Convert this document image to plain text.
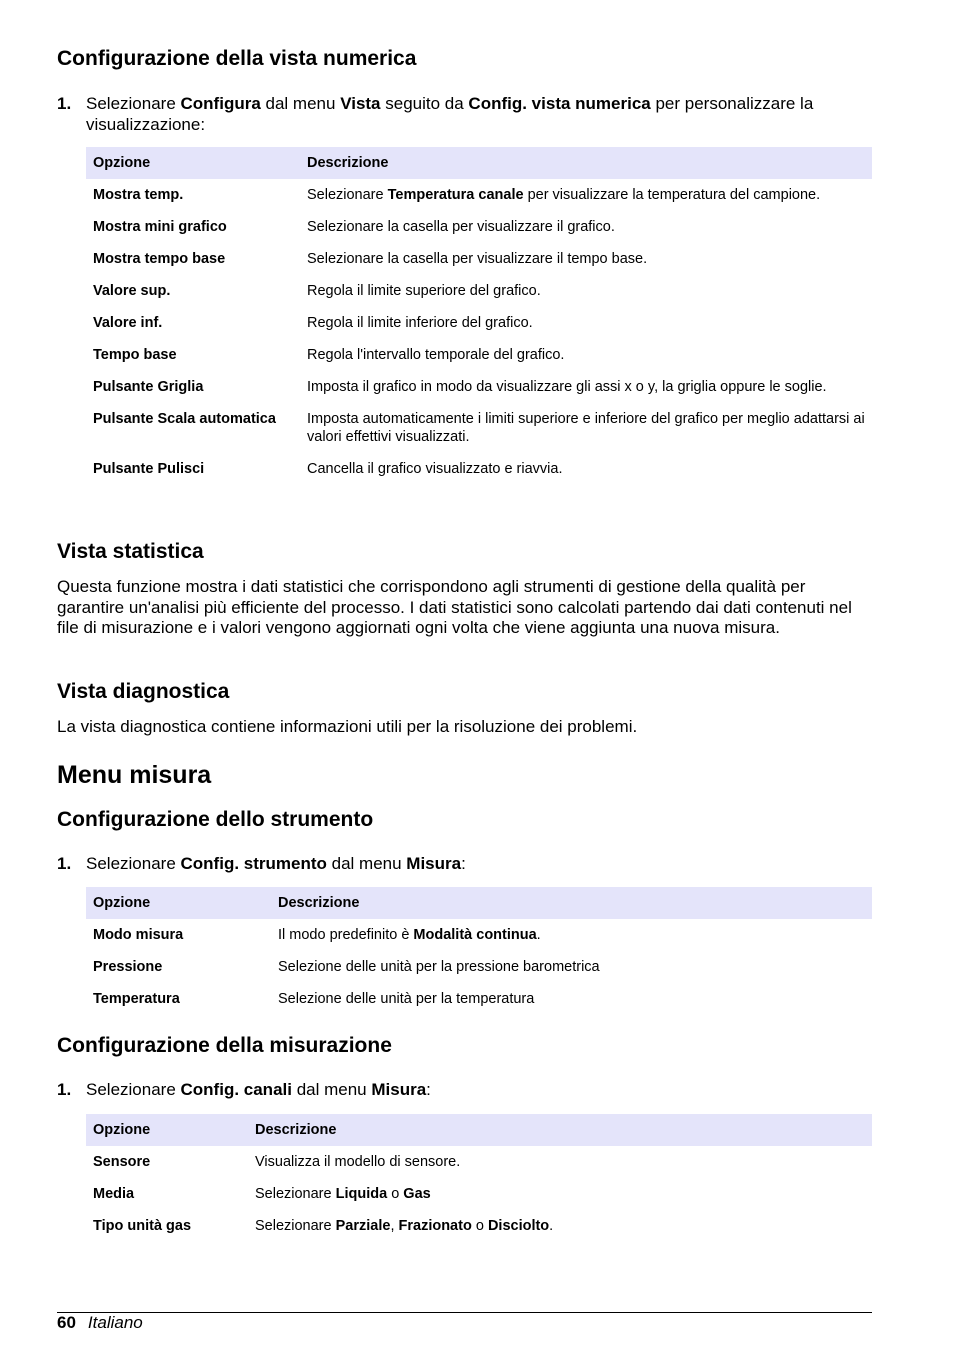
Configurazione della vista numerica
1. Selezionare Configura dal menu Vista seguito da Config. vista numerica per personalizzare la visualizzazione:
Opzione	Descrizione
Mostra temp.	Selezionare Temperatura canale per visualizzare la temperatura del campione.
Mostra mini grafico	Selezionare la casella per visualizzare il grafico.
Mostra tempo base	Selezionare la casella per visualizzare il tempo base.
Valore sup.	Regola il limite superiore del grafico.
Valore inf.	Regola il limite inferiore del grafico.
Tempo base	Regola l'intervallo temporale del grafico.
Pulsante Griglia	Imposta il grafico in modo da visualizzare gli assi x o y, la griglia oppure le soglie.
Pulsante Scala automatica	Imposta automaticamente i limiti superiore e inferiore del grafico per meglio adattarsi ai valori effettivi visualizzati.
Pulsante Pulisci	Cancella il grafico visualizzato e riavvia.
Vista statistica

Questa funzione mostra i dati statistici che corrispondono agli strumenti di gestione della qualità per garantire un'analisi più efficiente del processo. I dati statistici sono calcolati partendo dai dati contenuti nel file di misurazione e i valori vengono aggiornati ogni volta che viene aggiunta una nuova misura.

Vista diagnostica

La vista diagnostica contiene informazioni utili per la risoluzione dei problemi.

Menu misura
Configurazione dello strumento
1. Selezionare Config. strumento dal menu Misura:
Opzione	Descrizione
Modo misura	Il modo predefinito è Modalità continua.
Pressione	Selezione delle unità per la pressione barometrica
Temperatura	Selezione delle unità per la temperatura
Configurazione della misurazione
1. Selezionare Config. canali dal menu Misura:
Opzione	Descrizione
Sensore	Visualizza il modello di sensore.
Media	Selezionare Liquida o Gas
Tipo unità gas	Selezionare Parziale, Frazionato o Disciolto.
60 Italiano
